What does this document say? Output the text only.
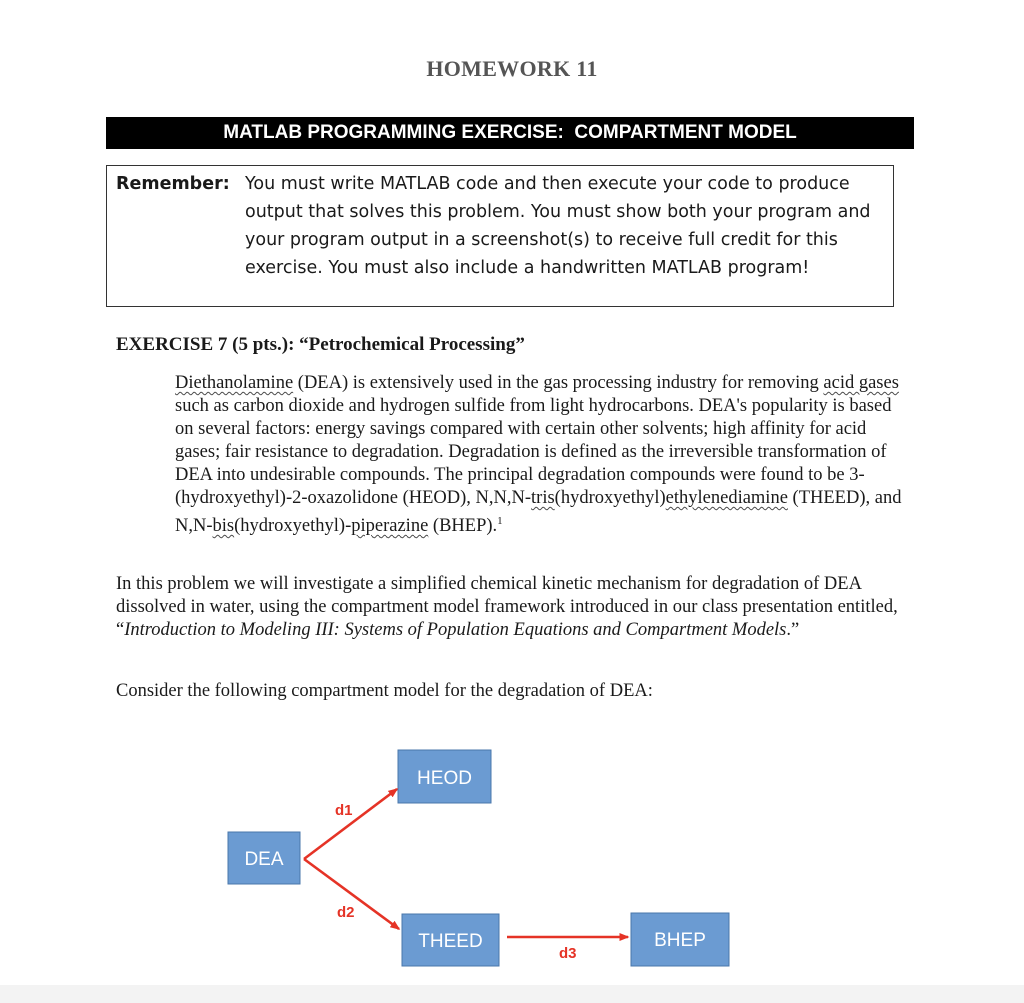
HOMEWORK 11
MATLAB PROGRAMMING EXERCISE:  COMPARTMENT MODEL
Remember: You must write MATLAB code and then execute your code to produce output that solves this problem. You must show both your program and your program output in a screenshot(s) to receive full credit for this exercise. You must also include a handwritten MATLAB program!
EXERCISE 7 (5 pts.): “Petrochemical Processing”

Diethanolamine (DEA) is extensively used in the gas processing industry for removing acid gases such as carbon dioxide and hydrogen sulfide from light hydrocarbons. DEA's popularity is based on several factors: energy savings compared with certain other solvents; high affinity for acid gases; fair resistance to degradation. Degradation is defined as the irreversible transformation of DEA into undesirable compounds. The principal degradation compounds were found to be 3-(hydroxyethyl)-2-oxazolidone (HEOD), N,N,N-tris(hydroxyethyl)ethylenediamine (THEED), and N,N-bis(hydroxyethyl)-piperazine (BHEP).$^1$

In this problem we will investigate a simplified chemical kinetic mechanism for degradation of DEA dissolved in water, using the compartment model framework introduced in our class presentation entitled, “Introduction to Modeling III: Systems of Population Equations and Compartment Models.”

Consider the following compartment model for the degradation of DEA:

HEOD
DEA
THEED	BHEP
d1
d2
d3
